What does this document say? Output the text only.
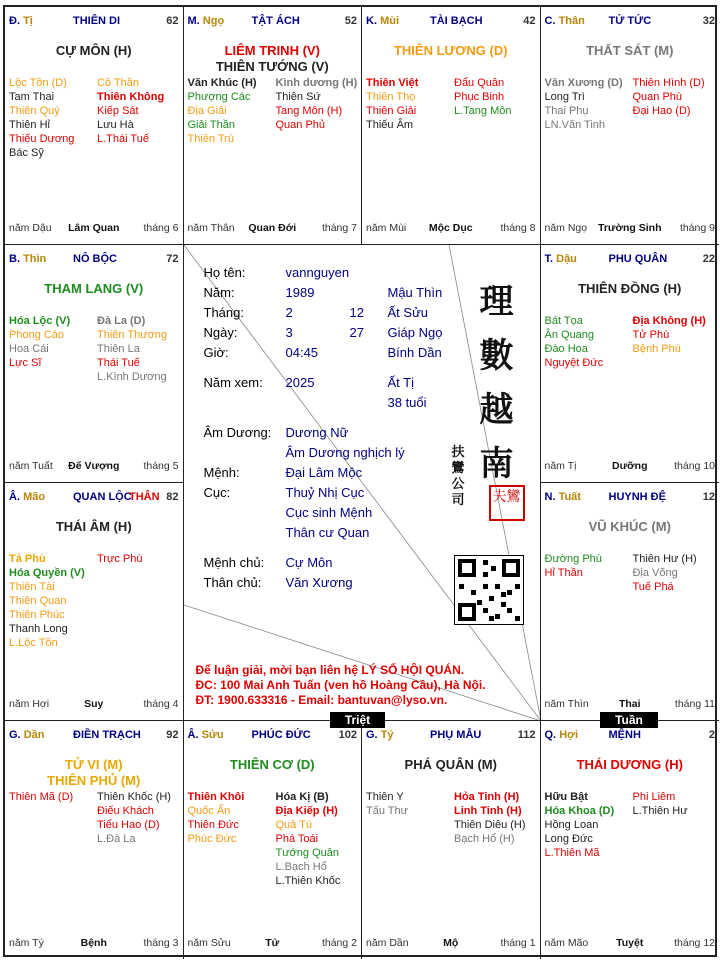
Q. Hợi	MỆNH	2
THÁI DƯƠNG (H)
Hữu Bật
Hóa Khoa (D)
Hồng Loan
Long Đức
L.Thiên Mã
Phi Liêm
L.Thiên Hư
năm Mão	Tuyệt	tháng 12
G. Tý	PHỤ MẪU	112
PHÁ QUÂN (M)
Thiên Y
Tấu Thư
Hỏa Tinh (H)
Linh Tinh (H)
Thiên Diêu (H)
Bạch Hổ (H)
năm Dần	Mộ	tháng 1
Â. Sửu	PHÚC ĐỨC	102
THIÊN CƠ (D)
Thiên Khôi
Quốc Ấn
Thiên Đức
Phúc Đức
Hóa Kị (B)
Địa Kiếp (H)
Quả Tú
Phá Toái
Tướng Quân
L.Bạch Hổ
L.Thiên Khốc
năm Sửu	Tử	tháng 2
G. Dần	ĐIỀN TRẠCH 92
TỬ VI (M)
THIÊN PHỦ (M)
Thiên Mã (D) Thiên Khốc (H)
Điếu Khách
Tiểu Hao (D)
L.Đà La
năm Tý	Bệnh	tháng 3
N. Tuất	HUYNH ĐỆ	12
VŨ KHÚC (M)
Đường Phù
Hỉ Thần
Thiên Hư (H)
Địa Võng
Tuế Phá
năm Thìn	Thai	tháng 11
Â. Mão	QUAN LỘC
THÂN 82
THÁI ÂM (H)
Tả Phù
Hóa Quyền (V)
Thiên Tài
Thiên Quan
Thiên Phúc
Thanh Long
L.Lộc Tồn
Trực Phù
năm Hợi	Suy	tháng 4
T. Dậu	PHU QUÂN	22
THIÊN ĐỒNG (H)
Bát Tọa
Ân Quang
Đào Hoa
Nguyệt Đức
Địa Không (H)
Tử Phù
Bệnh Phù
năm Tị	Dưỡng	tháng 10
B. Thìn NÔ BỘC	72
THAM LANG (V)
Hóa Lộc (V)
Phong Cáo
Hoa Cái
Lực Sĩ
Đà La (D)
Thiên Thương
Thiên La
Thái Tuế
L.Kình Dương
năm Tuất	Đế Vượng	tháng 5
C. Thân TỬ TỨC	32
THẤT SÁT (M)
Văn Xương (D)
Long Trì
Thai Phụ
LN.Văn Tinh
Thiên Hình (D)
Quan Phù
Đại Hao (D)
năm Ngọ	Trường Sinh	tháng 9
K. Mùi	TÀI BẠCH	42
THIÊN LƯƠNG (D)
Thiên Việt
Thiên Thọ
Thiên Giải
Thiếu Âm
Đẩu Quân
Phục Binh
L.Tang Môn
năm Mùi	Mộc Dục	tháng 8
M. Ngọ TẬT ÁCH	52
LIÊM TRINH (V)
THIÊN TƯỚNG (V)
Văn Khúc (H)
Phượng Các
Địa Giải
Giải Thần
Thiên Trù
Kình dương (H)
Thiên Sứ
Tang Môn (H)
Quan Phủ
năm Thân	Quan Đới	tháng 7
Đ. Tị	THIÊN DI	62
CỰ MÔN (H)
Lộc Tồn (D)
Tam Thai
Thiên Quý
Thiên Hỉ
Thiếu Dương
Bác Sỹ
Cô Thần
Thiên Không
Kiếp Sát
Lưu Hà
L.Thái Tuế
năm Dậu	Lâm Quan	tháng 6
Họ tên:	vannguyen
Năm:	1989	Mậu Thìn
Tháng:	2	12 Ất Sửu
Ngày:	3	27 Giáp Ngọ
Giờ:	04:45	Bính Dần
Năm xem: 2025	Ất Tị
38 tuổi
Âm Dương: Dương Nữ
Âm Dương nghịch lý
Mệnh:	Đại Lâm Mộc
Cục:	Thuỷ Nhị Cục
Cục sinh Mệnh
Thân cư Quan
Mệnh chủ: Cự Môn
Thân chủ: Văn Xương
理
數
越
南
扶
鸞
公
司 夫鸞
Để luận giải, mời bạn liên hệ LÝ SỐ HỘI QUÁN.
ĐC: 100 Mai Anh Tuấn (ven hồ Hoàng Cầu), Hà Nội.
ĐT: 1900.633316 - Email: bantuvan@lyso.vn.
Triệt	Tuần
